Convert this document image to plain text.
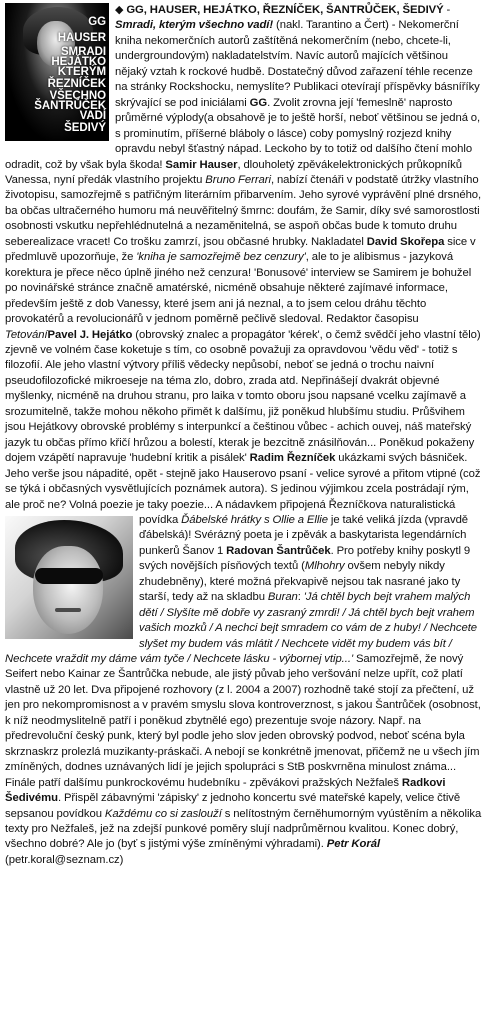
GG
HAUSER
SMRADI
HEJÁTKO
KTERÝM
ŘEZNÍČEK
VŠECHNO
ŠANTRŮČEK
VADÍ
ŠEDIVÝ

◆ GG, HAUSER, HEJÁTKO, ŘEZNÍČEK, ŠANTRŮČEK, ŠEDIVÝ - Smradi, kterým všechno vadí! (nakl. Tarantino a Čert) - Nekomerční kniha nekomerčních autorů zaštítěná nekomerčním (nebo, chcete-li, undergroundovým) nakladatelstvím. Navíc autorů majících většinou nějaký vztah k rockové hudbě. Dostatečný důvod zařazení téhle recenze na stránky Rockshocku, nemyslíte? Publikaci otevírají příspěvky básníříky skrývající se pod iniciálami GG. Zvolit zrovna její 'femeslně' naprosto průměrné výplody(a obsahově je to ještě horší, neboť většinou se jedná o, s prominutím, příšerné bláboly o lásce) coby pomyslný rozjezd knihy opravdu nebyl šťastný nápad. Leckoho by to totiž od dalšího čtení mohlo odradit, což by však byla škoda! Samir Hauser, dlouholetý zpěvákelektronických průkopníků Vanessa, nyní předák vlastního projektu Bruno Ferrari, nabízí čtenáři v podstatě útržky vlastního životopisu, samozřejmě s patřičným literárním přibarvením. Jeho syrové vyprávění plné drsného, ba občas ultračerného humoru má neuvěřitelný šmrnc: doufám, že Samir, díky své samorostlosti osobnosti vskutku nepřehlédnutelná a nezaměnitelná, se aspoň občas bude k tomuto druhu seberealizace vracet! Co trošku zamrzí, jsou občasné hrubky. Nakladatel David Skořepa sice v předmluvě upozorňuje, že 'kniha je samozřejmě bez cenzury', ale to je alibismus - jazyková korektura je přece něco úplně jiného než cenzura! 'Bonusové' interview se Samirem je bohužel po novinářské stránce značně amatérské, nicméně obsahuje některé zajímavé informace, především ještě z dob Vanessy, které jsem ani já neznal, a to jsem celou dráhu těchto provokatérů a revolucionářů v jednom poměrně pečlivě sledoval. Redaktor časopisu TetováníPavel J. Hejátko (obrovský znalec a propagátor 'kérek', o čemž svědčí jeho vlastní tělo) zjevně ve volném čase koketuje s tím, co osobně považuji za opravdovou 'vědu věd' - totiž s filozofií. Ale jeho vlastní výtvory příliš vědecky nepůsobí, neboť se jedná o trochu naivní pseudofilozofické mikroeseje na téma zlo, dobro, zrada atd. Nepřinášejí dvakrát objevné myšlenky, nicméně na druhou stranu, pro laika v tomto oboru jsou napsané vcelku zajímavě a srozumitelně, takže mohou někoho přimět k dalšímu, již poněkud hlubšímu studiu. Průšvihem jsou Hejátkovy obrovské problémy s interpunkcí a češtinou vůbec - achich ouvej, náš mateřský jazyk tu občas přímo křičí hrůzou a bolestí, kterak je bezcitně znásilňován... Poněkud pokaženy dojem vzápětí napravuje 'hudební kritik a pisálek' Radim Řezníček ukázkami svých básniček. Jeho verše jsou nápadité, opět - stejně jako Hauserovo psaní - velice syrové a přitom vtipné (což se týká i občasných vysvětlujících poznámek autora). S jedinou výjimkou zcela postrádají rým, ale proč ne? Volná poezie je taky poezie... A nádavkem připojená Řezníčkova naturalistická povídka Ďábelské hrátky s Ollie a Ellie je také veliká jízda
(vpravdě ďábelská)! Svérázný poeta je i zpěvák a baskytarista legendárních punkerů Šanov 1 Radovan Šantrůček. Pro potřeby knihy poskytl 9 svých novějších písňových textů (Mlhohry ovšem nebyly nikdy zhudebněny), které možná překvapivě nejsou tak nasrané jako ty starší, tedy až na skladbu Buran: 'Já chtěl bych bejt vrahem malých dětí / Slyšíte mě dobře vy zasraný zmrdi! / Já chtěl bych bejt vrahem vašich mozků / A nechci bejt smradem co vám de z huby! / Nechcete slyšet my budem vás mlátit / Nechcete vidět my budem vás bít / Nechcete vraždit my dáme vám tyče / Nechcete lásku - výbornej vtip...' Samozřejmě, že nový Seifert nebo Kainar ze Šantrůčka nebude, ale jistý půvab jeho veršování nelze upřít, což platí vlastně už 20 let. Dva připojené rozhovory (z l. 2004 a 2007) rozhodně také stojí za přečtení, už jen pro nekompromisnost a v pravém smyslu slova kontroverznost, s jakou Šantrůček (osobnost, k níž neodmyslitelně patří i poněkud zbytnělé ego) prezentuje svoje názory. Např. na předrevoluční český punk, který byl podle jeho slov jeden obrovský podvod, neboť scéna byla skrznaskrz prolezlá muzikanty-práskači. A nebojí se konkrétně jmenovat, přičemž ne u všech jím zmíněných, dodnes uznávaných lidí je jejich spolupráci s StB poskvrněna minulost známa... Finále patří dalšímu punkrockovému hudebníku - zpěvákovi pražských Nežfalеš Radkovi Šedivému. Přispěl zábavnými 'zápisky' z jednoho koncertu své mateřské kapely, velice čtivě sepsanou povídkou Každému co si zaslouží s nelítostným černěhumorným vyústěním a několika texty pro Nežfaleš, jež na zdejší punkové poměry slují nadprůměrnou kvalitou. Konec dobrý, všechno dobré? Ale jo (byť s jistými výše zmíněnými výhradami). Petr Korál (petr.koral@seznam.cz)
